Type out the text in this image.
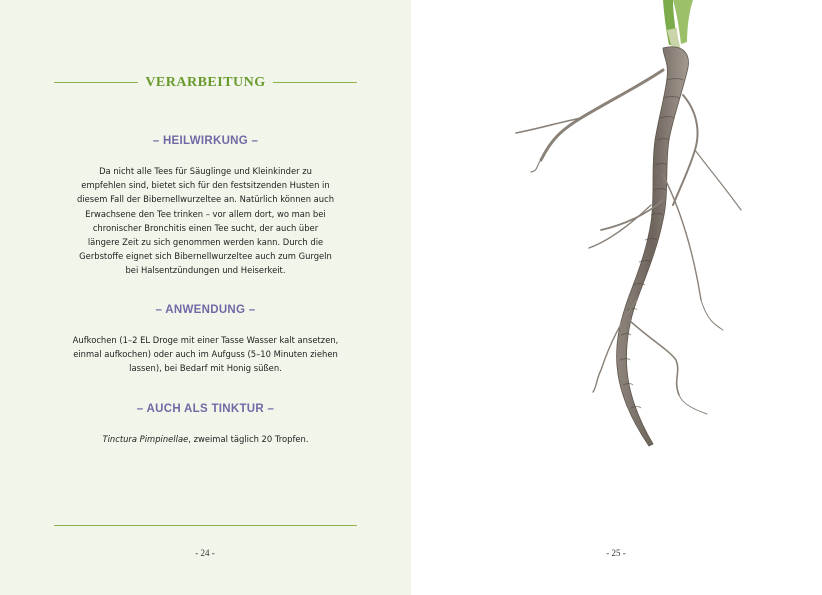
VERARBEITUNG
– HEILWIRKUNG –
Da nicht alle Tees für Säuglinge und Kleinkinder zu
empfehlen sind, bietet sich für den festsitzenden Husten in
diesem Fall der Bibernellwurzeltee an. Natürlich können auch
Erwachsene den Tee trinken – vor allem dort, wo man bei
chronischer Bronchitis einen Tee sucht, der auch über
längere Zeit zu sich genommen werden kann. Durch die
Gerbstoffe eignet sich Bibernellwurzeltee auch zum Gurgeln
bei Halsentzündungen und Heiserkeit.
– ANWENDUNG –
Aufkochen (1–2 EL Droge mit einer Tasse Wasser kalt ansetzen,
einmal aufkochen) oder auch im Aufguss (5–10 Minuten ziehen
lassen), bei Bedarf mit Honig süßen.
– AUCH ALS TINKTUR –
Tinctura Pimpinellae, zweimal täglich 20 Tropfen.
- 24 -	- 25 -
